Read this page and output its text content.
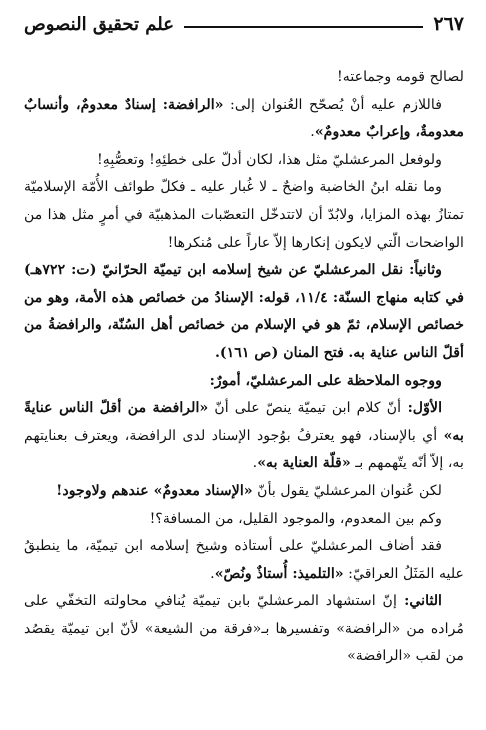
٢٦٧
علم تحقيق النصوص

لصالح قومه وجماعته!

فاللازم عليه أنْ يُصحّح العُنوان إلى: «الرافضة: إسنادٌ معدومٌ، وأنسابٌ معدومةٌ، وإعرابٌ معدومٌ».

ولوفعل المرعشليّ مثل هذا، لكان أدلّ على خطئِهِ! وتعصُّبِهِ!

وما نقله ابنُ الخاضبة واضحٌ ـ لا غُبار عليه ـ فكلّ طوائف الأُمّة الإسلاميّة تمتازُ بهذه المزايا، ولابُدّ أن لاتتدخّل التعصّبات المذهبيّة في أمرٍ مثل هذا من الواضحات الّتي لايكون إنكارها إلاّ عاراً على مُنكرها!

وثانياً: نقل المرعشليّ عن شيخ إسلامه ابن تيميّة الحرّانيّ (ت: ٧٢٢هـ) في كتابه منهاج السنّة: ١١/٤، قوله: الإسنادُ من خصائص هذه الأمة، وهو من خصائص الإسلام، ثمّ هو في الإسلام من خصائص أهل السُنّة، والرافضةُ من أقلّ الناس عناية به. فتح المنان (ص ١٦١).

ووجوه الملاحظة على المرعشليّ، أمورٌ:

الأوّل: أنّ كلام ابن تيميّة ينصّ على أنّ «الرافضة من أقلّ الناس عنايةً به» أي بالإسناد، فهو يعترفُ بوُجود الإسناد لدى الرافضة، ويعترف بعنايتهم به، إلاّ أنّه يتّهمهم بـ «قلّة العناية به».

لكن عُنوان المرعشليّ يقول بأنّ «الإسناد معدومٌ» عندهم ولاوجود!

وكم بين المعدوم، والموجود القليل، من المسافة؟!

فقد أضاف المرعشليّ على أستاذه وشيخ إسلامه ابن تيميّة، ما ينطبقُ عليه المَثَلُ العراقيّ: «التلميذ: أُستاذٌ ونُصّ».

الثاني: إنّ استشهاد المرعشليّ بابن تيميّة يُنافي محاولته التخفّي على مُراده من «الرافضة» وتفسيرها بـ«فرقة من الشيعة» لأنّ ابن تيميّة يقصُد من لقب «الرافضة»
